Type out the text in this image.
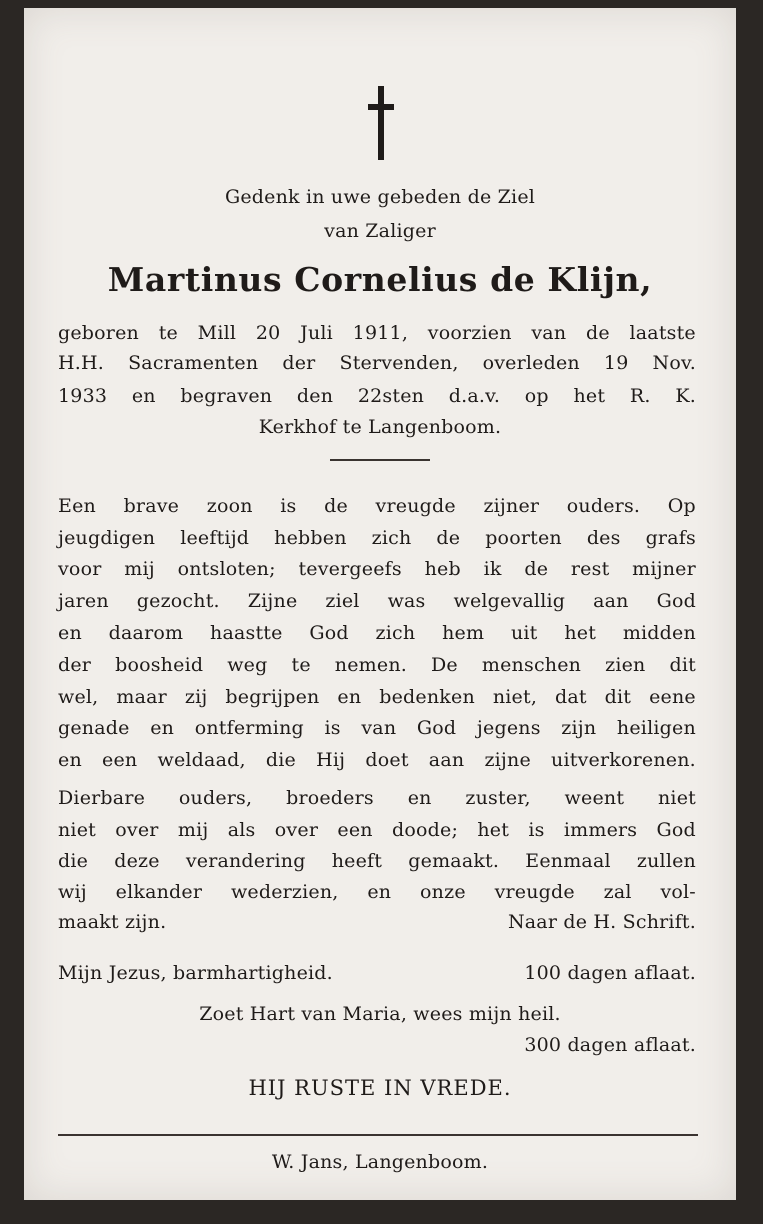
Gedenk in uwe gebeden de Ziel
van Zaliger
Martinus Cornelius de Klijn,
geboren te Mill 20 Juli 1911, voorzien van de laatste
H.H. Sacramenten der Stervenden, overleden 19 Nov.
1933 en begraven den 22sten d.a.v. op het R. K.
Kerkhof te Langenboom.
Een brave zoon is de vreugde zijner ouders. Op
jeugdigen leeftijd hebben zich de poorten des grafs
voor mij ontsloten; tevergeefs heb ik de rest mijner
jaren gezocht. Zijne ziel was welgevallig aan God
en daarom haastte God zich hem uit het midden
der boosheid weg te nemen. De menschen zien dit
wel, maar zij begrijpen en bedenken niet, dat dit eene
genade en ontferming is van God jegens zijn heiligen
en een weldaad, die Hij doet aan zijne uitverkorenen.
Dierbare ouders, broeders en zuster, weent niet
niet over mij als over een doode; het is immers God
die deze verandering heeft gemaakt. Eenmaal zullen
wij elkander wederzien, en onze vreugde zal vol-
maakt zijn.	Naar de H. Schrift.
Mijn Jezus, barmhartigheid.	100 dagen aflaat.
Zoet Hart van Maria, wees mijn heil.
300 dagen aflaat.
HIJ RUSTE IN VREDE.
W. Jans, Langenboom.
